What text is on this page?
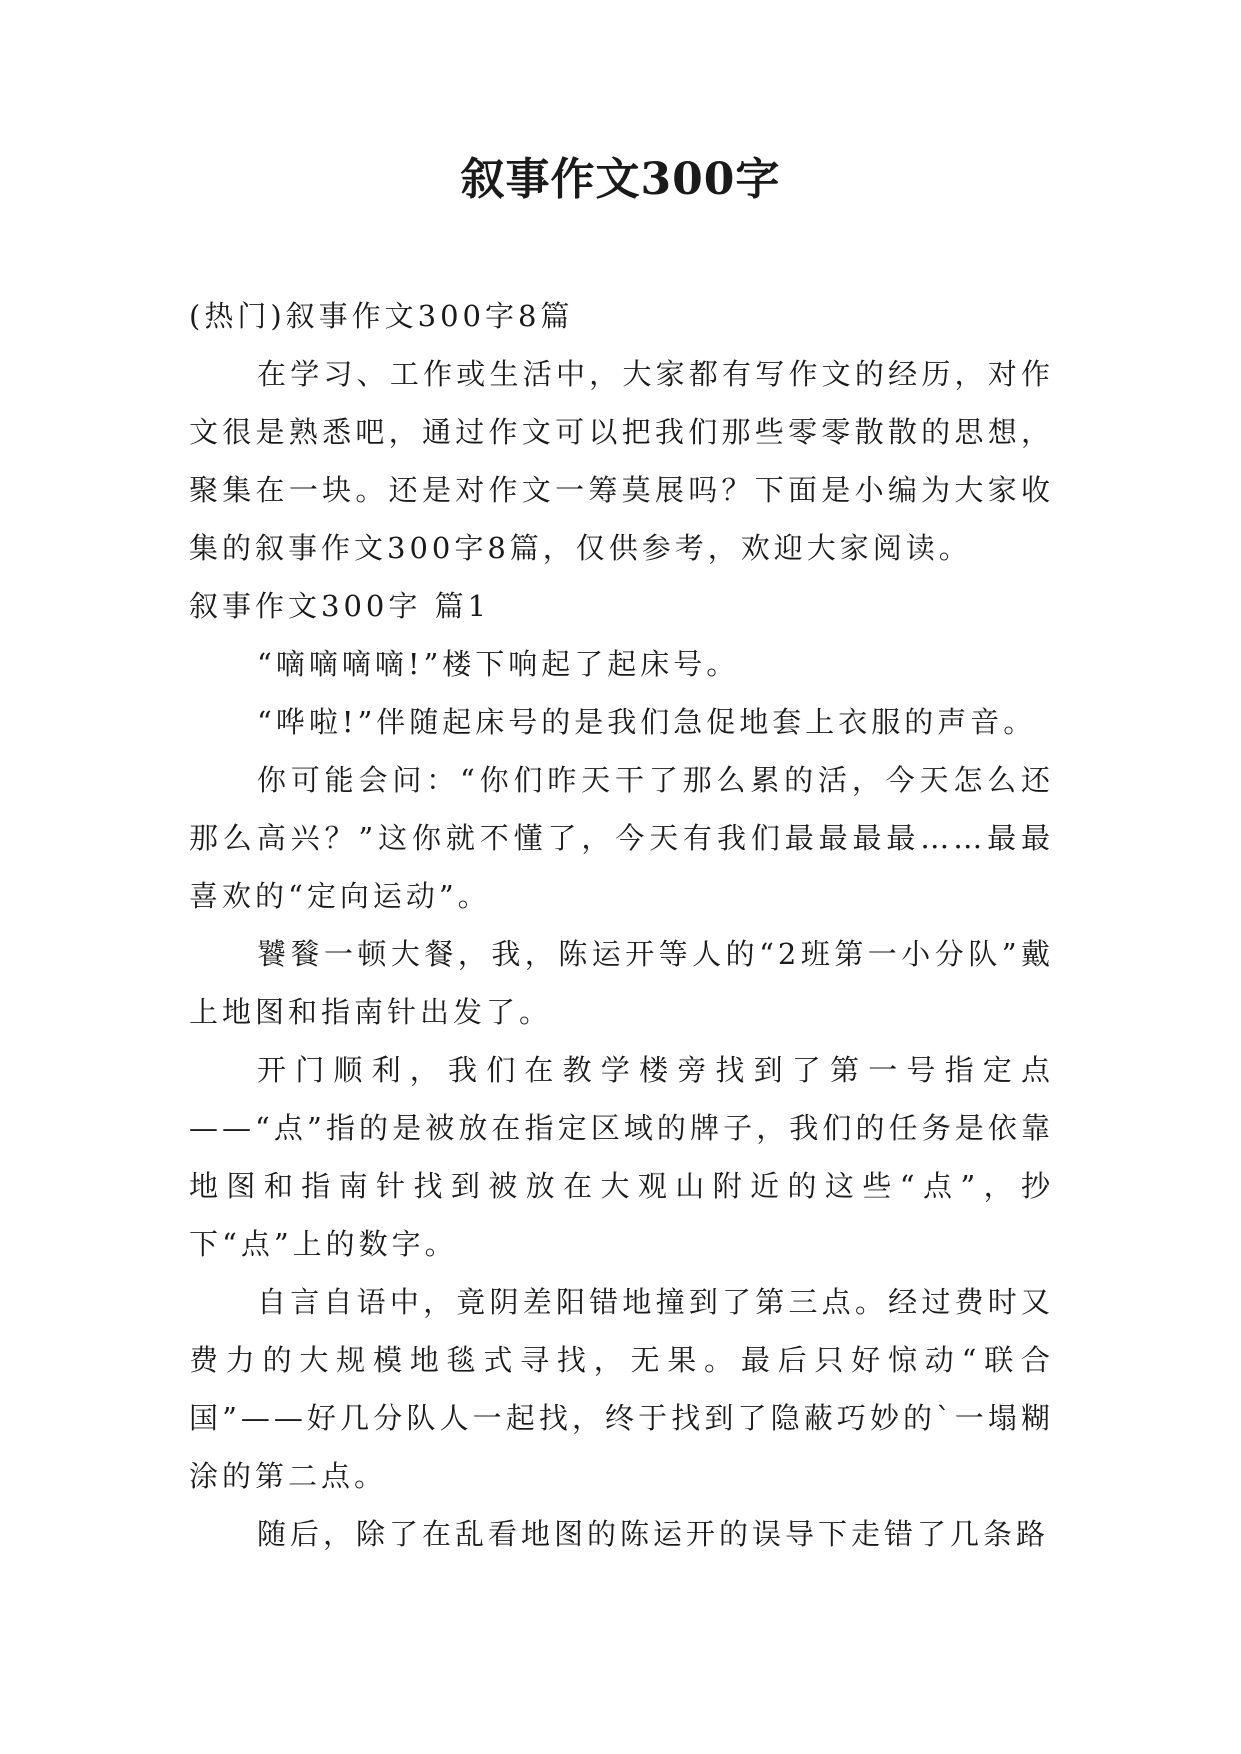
叙事作文300字

(热门)叙事作文300字8篇

在学习、工作或生活中，大家都有写作文的经历，对作文很是熟悉吧，通过作文可以把我们那些零零散散的思想，聚集在一块。还是对作文一筹莫展吗？下面是小编为大家收集的叙事作文300字8篇，仅供参考，欢迎大家阅读。

叙事作文300字 篇1

“嘀嘀嘀嘀!”楼下响起了起床号。

“哗啦!”伴随起床号的是我们急促地套上衣服的声音。

你可能会问：“你们昨天干了那么累的活，今天怎么还那么高兴？”这你就不懂了，今天有我们最最最最……最最喜欢的“定向运动”。

饕餮一顿大餐，我，陈运开等人的“2班第一小分队”戴上地图和指南针出发了。

开门顺利，我们在教学楼旁找到了第一号指定点——“点”指的是被放在指定区域的牌子，我们的任务是依靠地图和指南针找到被放在大观山附近的这些“点”，抄下“点”上的数字。

自言自语中，竟阴差阳错地撞到了第三点。经过费时又费力的大规模地毯式寻找，无果。最后只好惊动“联合国”——好几分队人一起找，终于找到了隐蔽巧妙的`一塌糊涂的第二点。

随后，除了在乱看地图的陈运开的误导下走错了几条路
